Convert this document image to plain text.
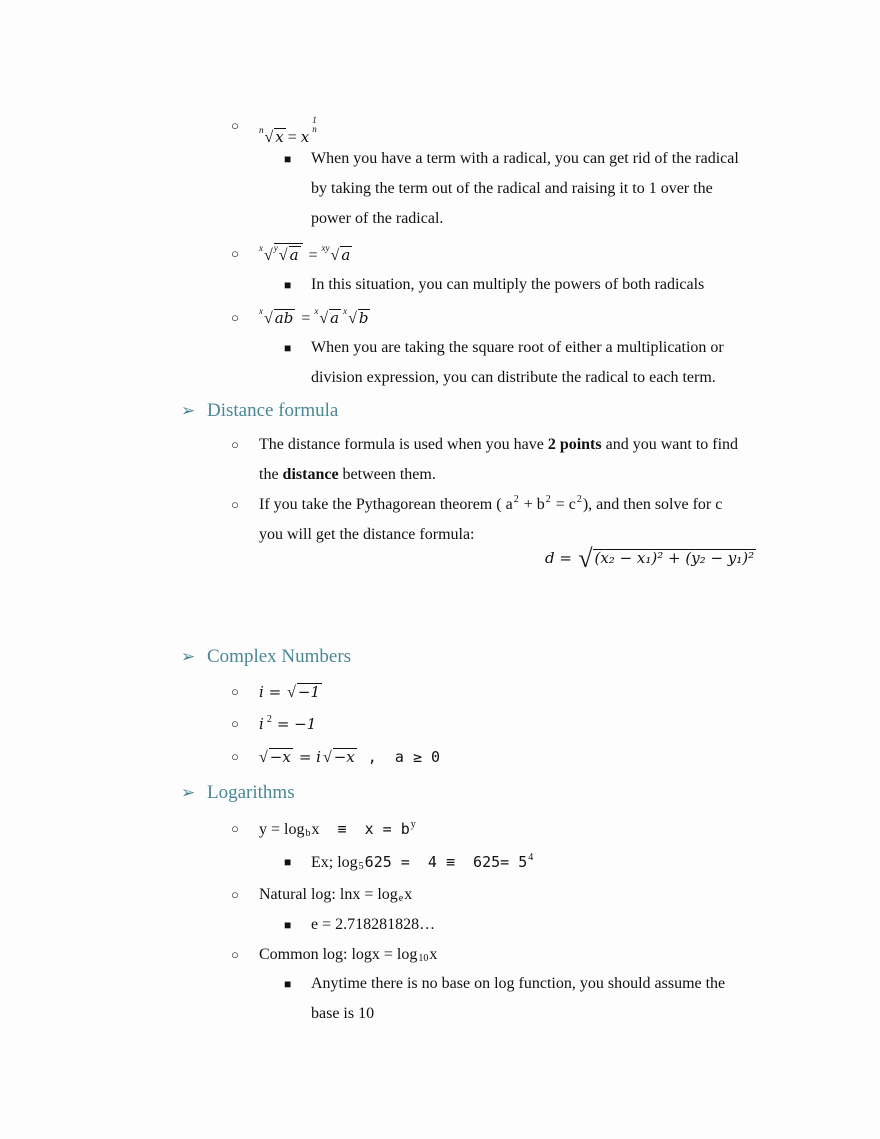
○	n√ x = x
1
n
■	When you have a term with a radical, you can get rid of the radical
by taking the term out of the radical and raising it to 1 over the
power of the radical.
○	x√y√ a = xy√ a
■	In this situation, you can multiply the powers of both radicals
○	x√ ab = x√ a x√ b
■	When you are taking the square root of either a multiplication or
division expression, you can distribute the radical to each term.
➢ Distance formula
○	The distance formula is used when you have 2 points and you want to find
the distance between them.
○	If you take the Pythagorean theorem ( $a^2 + b^2 = c^2$), and then solve for c
you will get the distance formula:
d = √ (x₂ − x₁)² + (y₂ − y₁)²
➢ Complex Numbers
○	i = √ −1
○	i $^2$ = −1
○	√ −x = i √ −x ,  a ≥ 0
➢ Logarithms
○	$y = \log_bx \equiv x = b^y$
■	Ex; $\log_5625 = 4 \equiv 625= 5^4$
○	Natural log: $\ln x = \log_ex$
■	e = 2.718281828…
○	Common log: $\log x = \log_{10}x$
■	Anytime there is no base on log function, you should assume the
base is 10
